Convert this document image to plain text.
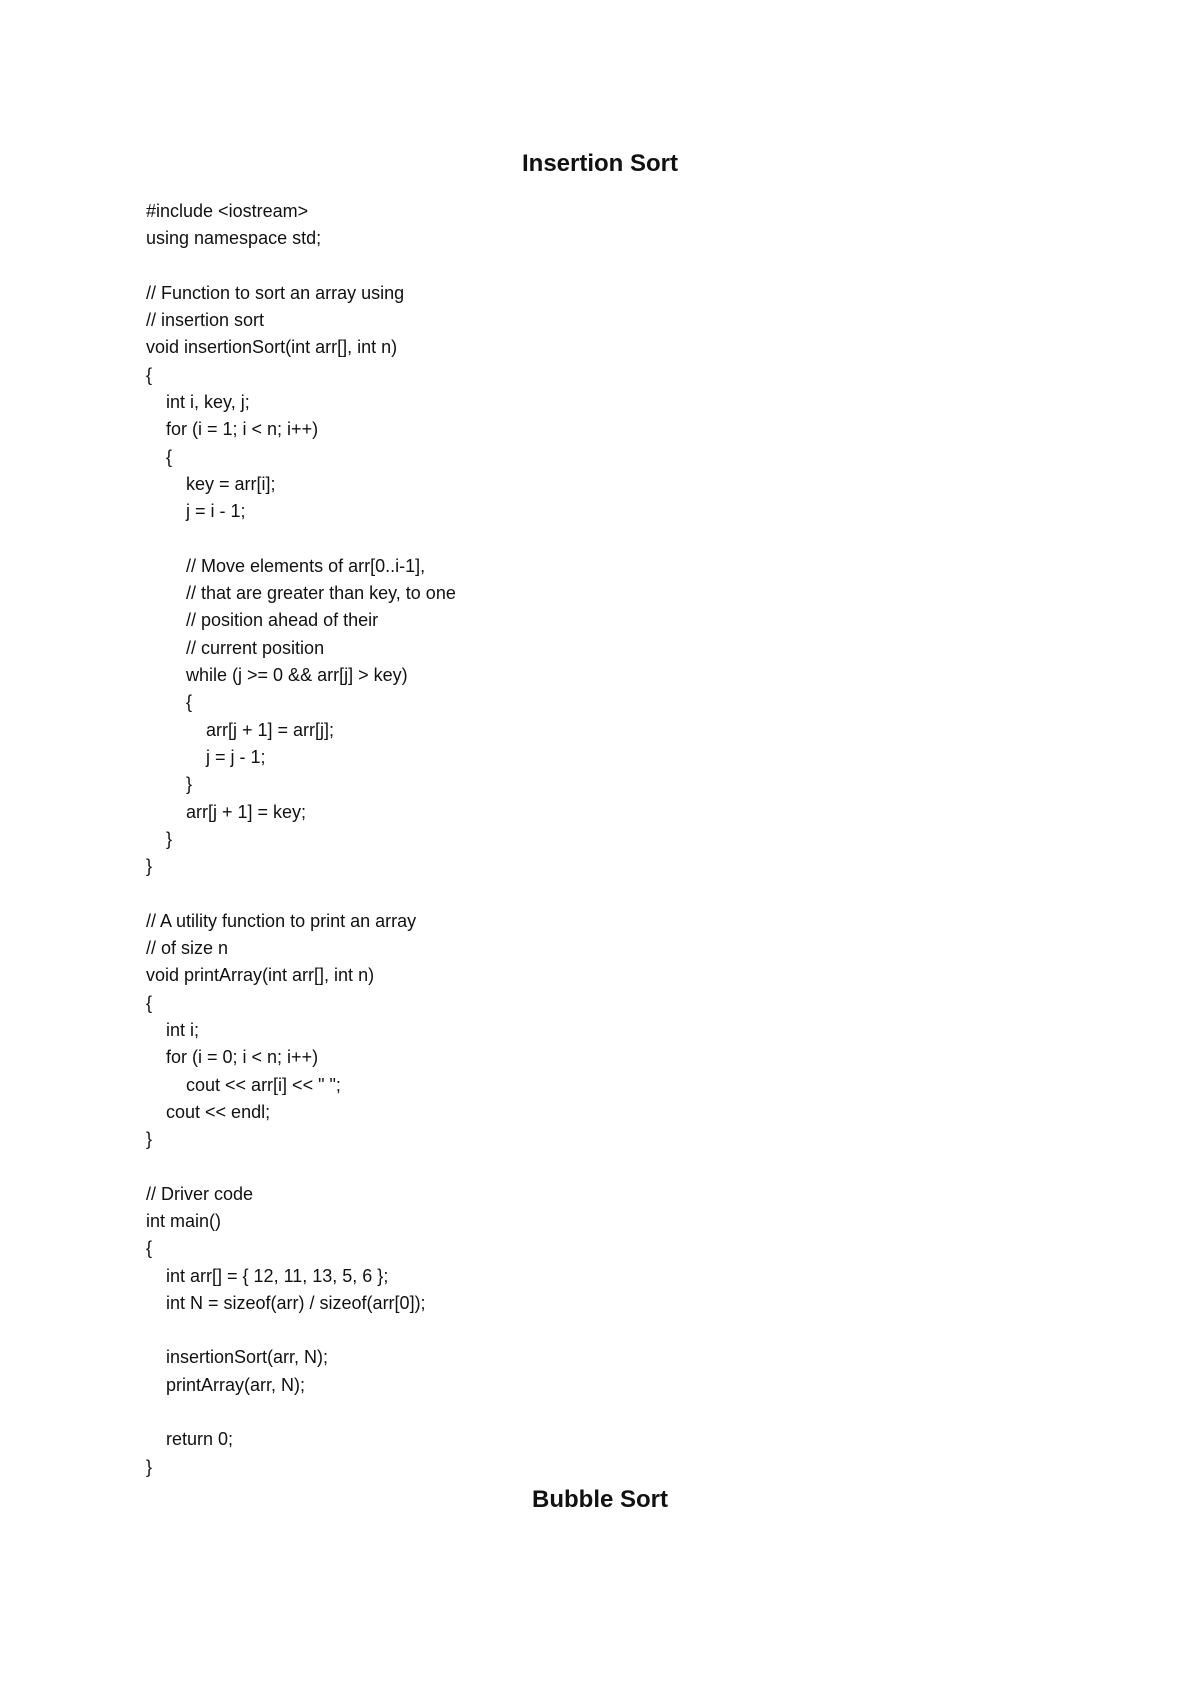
Insertion Sort
#include <iostream>
using namespace std;
// Function to sort an array using
// insertion sort
void insertionSort(int arr[], int n)
{
int i, key, j;
for (i = 1; i < n; i++)
{
key = arr[i];
j = i - 1;
// Move elements of arr[0..i-1],
// that are greater than key, to one
// position ahead of their
// current position
while (j >= 0 && arr[j] > key)
{
arr[j + 1] = arr[j];
j = j - 1;
}
arr[j + 1] = key;
}
}
// A utility function to print an array
// of size n
void printArray(int arr[], int n)
{
int i;
for (i = 0; i < n; i++)
cout << arr[i] << " ";
cout << endl;
}
// Driver code
int main()
{
int arr[] = { 12, 11, 13, 5, 6 };
int N = sizeof(arr) / sizeof(arr[0]);
insertionSort(arr, N);
printArray(arr, N);
return 0;
}
Bubble Sort
